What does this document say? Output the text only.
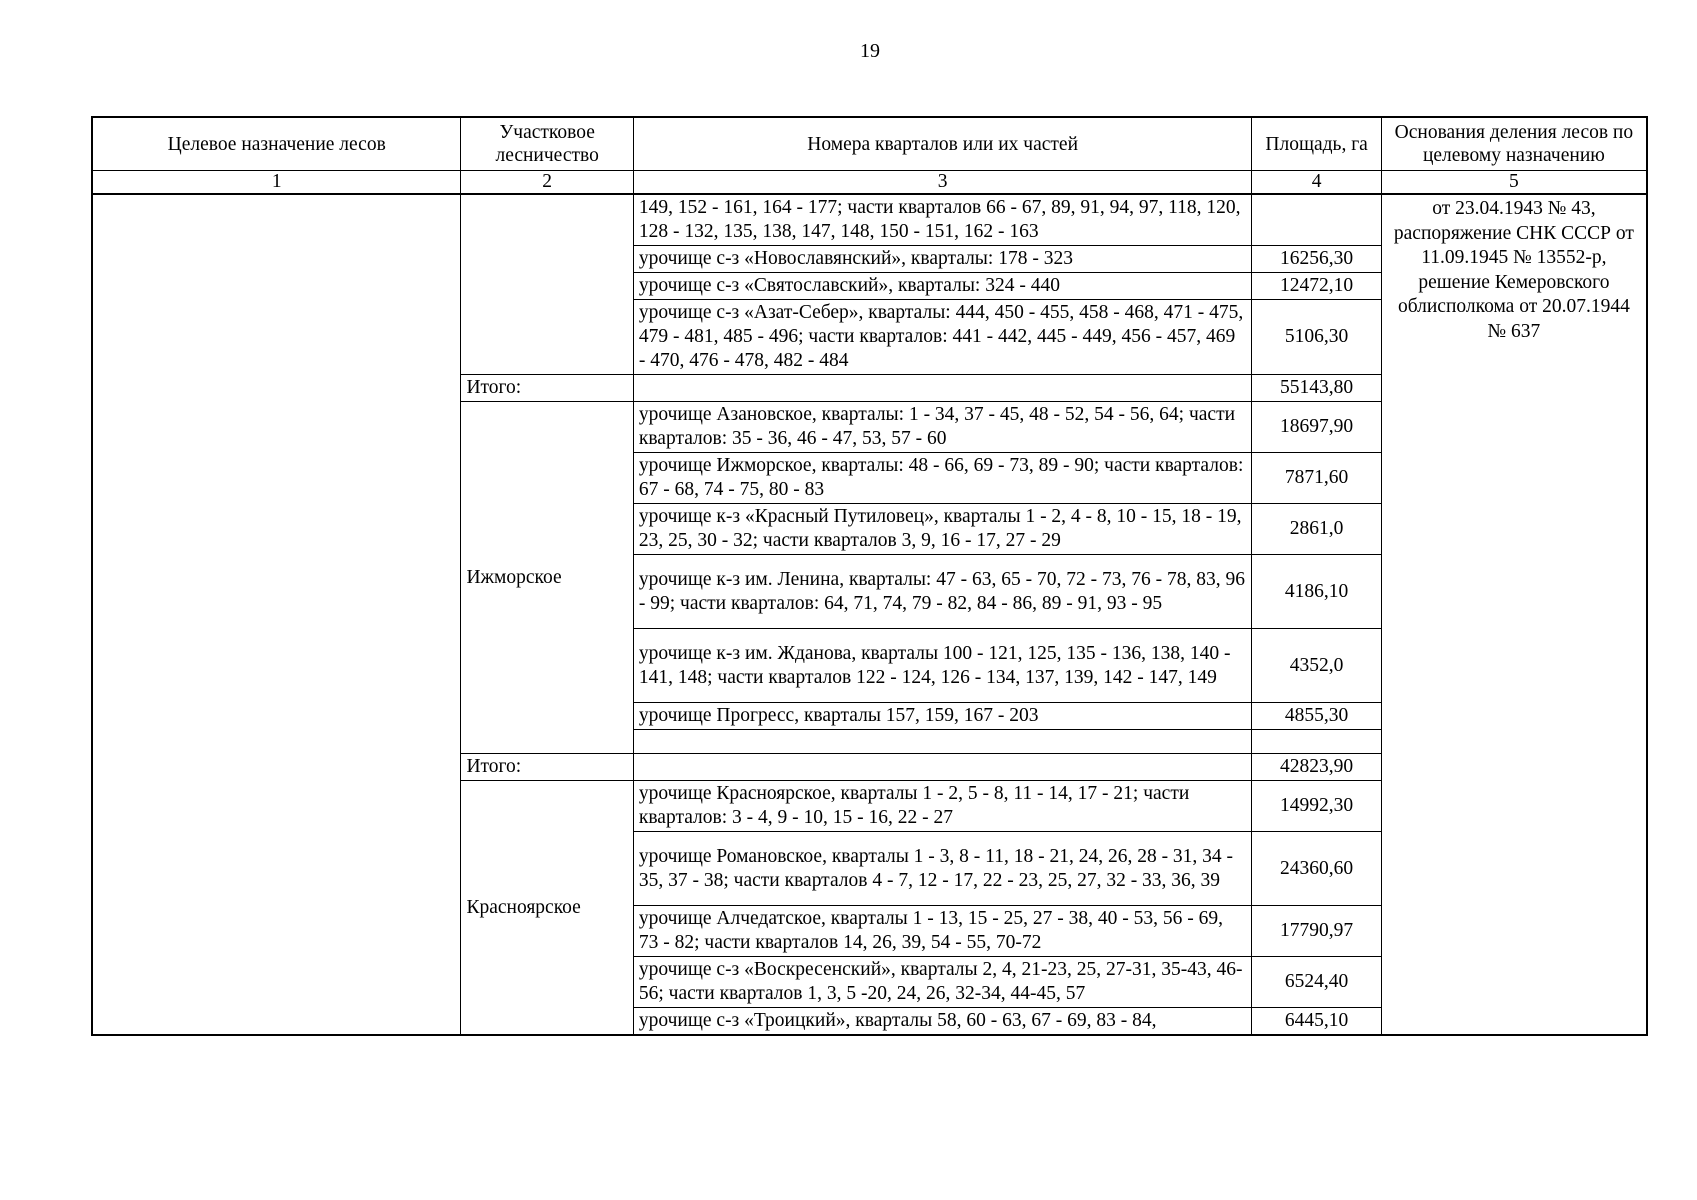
19
Целевое назначение лесов	Участковое лесничество	Номера кварталов или их частей	Площадь, га	Основания деления лесов по целевому назначению
1	2	3	4	5
		149, 152 - 161, 164 - 177; части кварталов 66 - 67, 89, 91, 94, 97, 118, 120, 128 - 132, 135, 138, 147, 148, 150 - 151, 162 - 163		от 23.04.1943 № 43, распоряжение СНК СССР от 11.09.1945 № 13552-р, решение Кемеровского облисполкома от 20.07.1944 № 637
		урочище с-з «Новославянский», кварталы: 178 - 323	16256,30	
		урочище с-з «Святославский», кварталы: 324 - 440	12472,10	
		урочище с-з «Азат-Себер», кварталы: 444, 450 - 455, 458 - 468, 471 - 475, 479 - 481, 485 - 496; части кварталов: 441 - 442, 445 - 449, 456 - 457, 469 - 470, 476 - 478, 482 - 484	5106,30	
	Итого:		55143,80	
	Ижморское	урочище Азановское, кварталы: 1 - 34, 37 - 45, 48 - 52, 54 - 56, 64; части кварталов: 35 - 36, 46 - 47, 53, 57 - 60	18697,90	
		урочище Ижморское, кварталы: 48 - 66, 69 - 73, 89 - 90; части кварталов: 67 - 68, 74 - 75, 80 - 83	7871,60	
		урочище к-з «Красный Путиловец», кварталы 1 - 2, 4 - 8, 10 - 15, 18 - 19, 23, 25, 30 - 32; части кварталов 3, 9, 16 - 17, 27 - 29	2861,0	
		урочище к-з им. Ленина, кварталы: 47 - 63, 65 - 70, 72 - 73, 76 - 78, 83, 96 - 99; части кварталов: 64, 71, 74, 79 - 82, 84 - 86, 89 - 91, 93 - 95	4186,10	
		урочище к-з им. Жданова, кварталы 100 - 121, 125, 135 - 136, 138, 140 - 141, 148; части кварталов 122 - 124, 126 - 134, 137, 139, 142 - 147, 149	4352,0	
		урочище Прогресс, кварталы 157, 159, 167 - 203	4855,30	

	Итого:		42823,90	
	Красноярское	урочище Красноярское, кварталы 1 - 2, 5 - 8, 11 - 14, 17 - 21; части кварталов: 3 - 4, 9 - 10, 15 - 16, 22 - 27	14992,30	
		урочище Романовское, кварталы 1 - 3, 8 - 11, 18 - 21, 24, 26, 28 - 31, 34 - 35, 37 - 38; части кварталов 4 - 7, 12 - 17, 22 - 23, 25, 27, 32 - 33, 36, 39	24360,60	
		урочище Алчедатское, кварталы 1 - 13, 15 - 25, 27 - 38, 40 - 53, 56 - 69, 73 - 82; части кварталов 14, 26, 39, 54 - 55, 70-72	17790,97	
		урочище с-з «Воскресенский», кварталы 2, 4, 21-23, 25, 27-31, 35-43, 46-56; части кварталов 1, 3, 5 -20, 24, 26, 32-34, 44-45, 57	6524,40	
		урочище с-з «Троицкий», кварталы 58, 60 - 63, 67 - 69, 83 - 84,	6445,10	
